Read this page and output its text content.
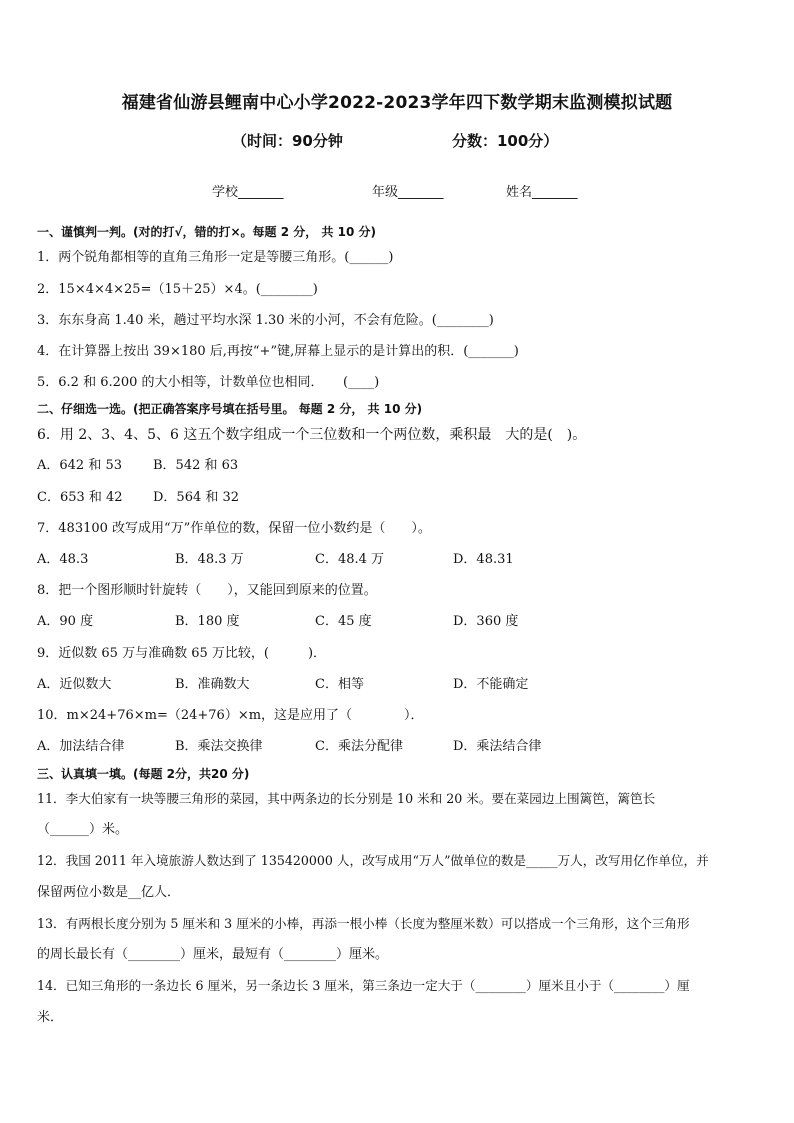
福建省仙游县鲤南中心小学2022-2023学年四下数学期末监测模拟试题
（时间：90分钟	分数：100分）
学校_______	年级_______	姓名_______
一、谨慎判一判。(对的打√，错的打×。每题 2 分， 共 10 分)
1．两个锐角都相等的直角三角形一定是等腰三角形。(______)
2．15×4×4×25=（15＋25）×4。(________)
3．东东身高 1.40 米，趟过平均水深 1.30 米的小河，不会有危险。(________)
4．在计算器上按出 39×180 后,再按“+”键,屏幕上显示的是计算出的积．(_______)
5．6.2 和 6.200 的大小相等，计数单位也相同．　　(____)
二、仔细选一选。(把正确答案序号填在括号里。 每题 2 分， 共 10 分)
6．用 2、3、4、5、6 这五个数字组成一个三位数和一个两位数，乘积最　大的是(　)。
A．642 和 53 B．542 和 63
C．653 和 42 D．564 和 32
7．483100 改写成用“万”作单位的数，保留一位小数约是（　　）。
A．48.3	B．48.3 万	C．48.4 万	D．48.31
8．把一个图形顺时针旋转（　　），又能回到原来的位置。
A．90 度	B．180 度	C．45 度	D．360 度
9．近似数 65 万与准确数 65 万比较，(　　　)．
A．近似数大	B．准确数大	C．相等	D．不能确定
10．m×24+76×m=（24+76）×m，这是应用了（　　　　）．
A．加法结合律	B．乘法交换律	C．乘法分配律	D．乘法结合律
三、认真填一填。(每题 2分，共20 分)
11．李大伯家有一块等腰三角形的菜园，其中两条边的长分别是 10 米和 20 米。要在菜园边上围篱笆，篱笆长
（______）米。
12．我国 2011 年入境旅游人数达到了 135420000 人，改写成用“万人”做单位的数是_____万人，改写用亿作单位，并
保留两位小数是__亿人．
13．有两根长度分别为 5 厘米和 3 厘米的小棒，再添一根小棒（长度为整厘米数）可以搭成一个三角形，这个三角形
的周长最长有（________）厘米，最短有（________）厘米。
14．已知三角形的一条边长 6 厘米，另一条边长 3 厘米，第三条边一定大于（________）厘米且小于（________）厘
米．
